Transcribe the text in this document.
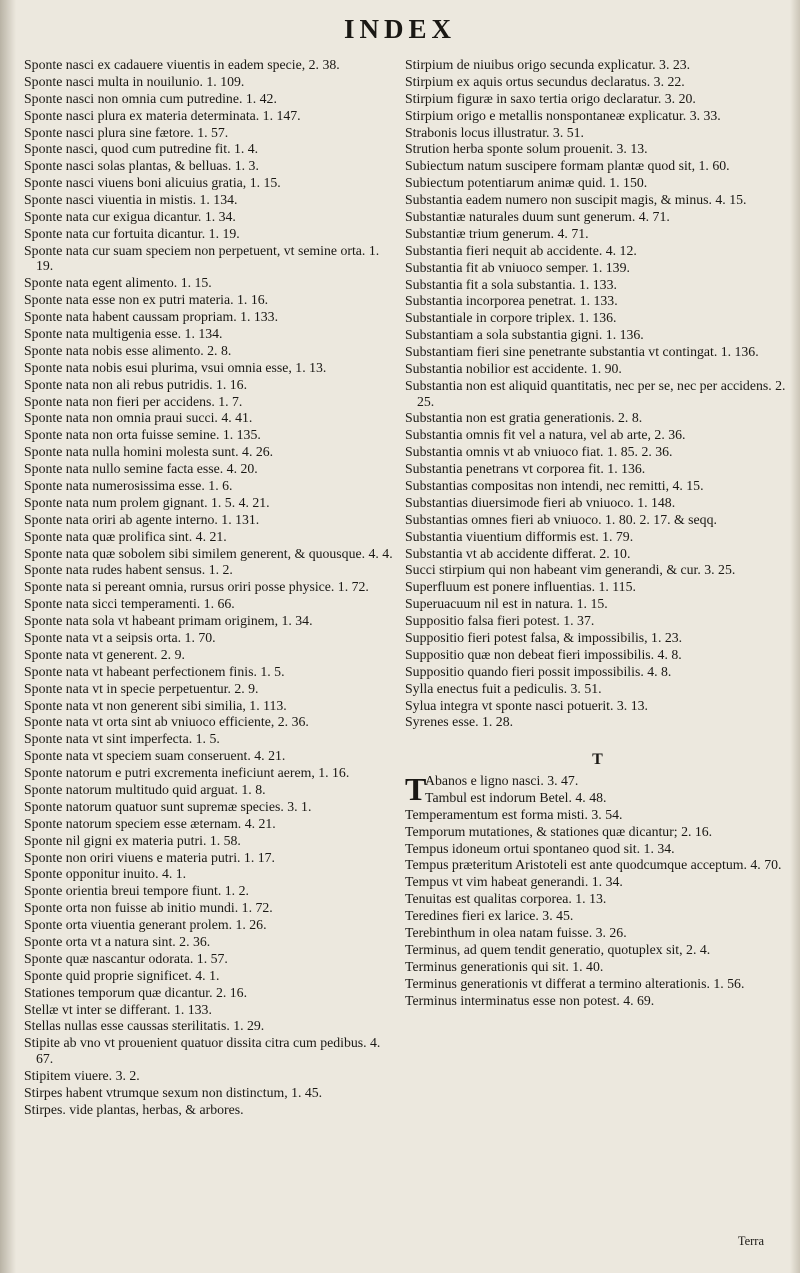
INDEX
Sponte nasci ex cadauere viuentis in eadem specie, 2. 38.
Sponte nasci multa in nouilunio. 1. 109.
Sponte nasci non omnia cum putredine. 1. 42.
Sponte nasci plura ex materia determinata. 1. 147.
Sponte nasci plura sine fætore. 1. 57.
Sponte nasci, quod cum putredine fit. 1. 4.
Sponte nasci solas plantas, & belluas. 1. 3.
Sponte nasci viuens boni alicuius gratia, 1. 15.
Sponte nasci viuentia in mistis. 1. 134.
Sponte nata cur exigua dicantur. 1. 34.
Sponte nata cur fortuita dicantur. 1. 19.
Sponte nata cur suam speciem non perpetuent, vt semine orta. 1. 19.
Sponte nata egent alimento. 1. 15.
Sponte nata esse non ex putri materia. 1. 16.
Sponte nata habent caussam propriam. 1. 133.
Sponte nata multigenia esse. 1. 134.
Sponte nata nobis esse alimento. 2. 8.
Sponte nata nobis esui plurima, vsui omnia esse, 1. 13.
Sponte nata non ali rebus putridis. 1. 16.
Sponte nata non fieri per accidens. 1. 7.
Sponte nata non omnia praui succi. 4. 41.
Sponte nata non orta fuisse semine. 1. 135.
Sponte nata nulla homini molesta sunt. 4. 26.
Sponte nata nullo semine facta esse. 4. 20.
Sponte nata numerosissima esse. 1. 6.
Sponte nata num prolem gignant. 1. 5. 4. 21.
Sponte nata oriri ab agente interno. 1. 131.
Sponte nata quæ prolifica sint. 4. 21.
Sponte nata quæ sobolem sibi similem generent, & quousque. 4. 4.
Sponte nata rudes habent sensus. 1. 2.
Sponte nata si pereant omnia, rursus oriri posse physice. 1. 72.
Sponte nata sicci temperamenti. 1. 66.
Sponte nata sola vt habeant primam originem, 1. 34.
Sponte nata vt a seipsis orta. 1. 70.
Sponte nata vt generent. 2. 9.
Sponte nata vt habeant perfectionem finis. 1. 5.
Sponte nata vt in specie perpetuentur. 2. 9.
Sponte nata vt non generent sibi similia, 1. 113.
Sponte nata vt orta sint ab vniuoco efficiente, 2. 36.
Sponte nata vt sint imperfecta. 1. 5.
Sponte nata vt speciem suam conseruent. 4. 21.
Sponte natorum e putri excrementa ineficiunt aerem, 1. 16.
Sponte natorum multitudo quid arguat. 1. 8.
Sponte natorum quatuor sunt supremæ species. 3. 1.
Sponte natorum speciem esse æternam. 4. 21.
Sponte nil gigni ex materia putri. 1. 58.
Sponte non oriri viuens e materia putri. 1. 17.
Sponte opponitur inuito. 4. 1.
Sponte orientia breui tempore fiunt. 1. 2.
Sponte orta non fuisse ab initio mundi. 1. 72.
Sponte orta viuentia generant prolem. 1. 26.
Sponte orta vt a natura sint. 2. 36.
Sponte quæ nascantur odorata. 1. 57.
Sponte quid proprie significet. 4. 1.
Stationes temporum quæ dicantur. 2. 16.
Stellæ vt inter se differant. 1. 133.
Stellas nullas esse caussas sterilitatis. 1. 29.
Stipite ab vno vt prouenient quatuor dissita citra cum pedibus. 4. 67.
Stipitem viuere. 3. 2.
Stirpes habent vtrumque sexum non distinctum, 1. 45.
Stirpes. vide plantas, herbas, & arbores.
Stirpium de niuibus origo secunda explicatur. 3. 23.
Stirpium ex aquis ortus secundus declaratus. 3. 22.
Stirpium figuræ in saxo tertia origo declaratur. 3. 20.
Stirpium origo e metallis nonspontaneæ explicatur. 3. 33.
Strabonis locus illustratur. 3. 51.
Strution herba sponte solum prouenit. 3. 13.
Subiectum natum suscipere formam plantæ quod sit, 1. 60.
Subiectum potentiarum animæ quid. 1. 150.
Substantia eadem numero non suscipit magis, & minus. 4. 15.
Substantiæ naturales duum sunt generum. 4. 71.
Substantiæ trium generum. 4. 71.
Substantia fieri nequit ab accidente. 4. 12.
Substantia fit ab vniuoco semper. 1. 139.
Substantia fit a sola substantia. 1. 133.
Substantia incorporea penetrat. 1. 133.
Substantiale in corpore triplex. 1. 136.
Substantiam a sola substantia gigni. 1. 136.
Substantiam fieri sine penetrante substantia vt contingat. 1. 136.
Substantia nobilior est accidente. 1. 90.
Substantia non est aliquid quantitatis, nec per se, nec per accidens. 2. 25.
Substantia non est gratia generationis. 2. 8.
Substantia omnis fit vel a natura, vel ab arte, 2. 36.
Substantia omnis vt ab vniuoco fiat. 1. 85. 2. 36.
Substantia penetrans vt corporea fit. 1. 136.
Substantias compositas non intendi, nec remitti, 4. 15.
Substantias diuersimode fieri ab vniuoco. 1. 148.
Substantias omnes fieri ab vniuoco. 1. 80. 2. 17. & seqq.
Substantia viuentium difformis est. 1. 79.
Substantia vt ab accidente differat. 2. 10.
Succi stirpium qui non habeant vim generandi, & cur. 3. 25.
Superfluum est ponere influentias. 1. 115.
Superuacuum nil est in natura. 1. 15.
Suppositio falsa fieri potest. 1. 37.
Suppositio fieri potest falsa, & impossibilis, 1. 23.
Suppositio quæ non debeat fieri impossibilis. 4. 8.
Suppositio quando fieri possit impossibilis. 4. 8.
Sylla enectus fuit a pediculis. 3. 51.
Sylua integra vt sponte nasci potuerit. 3. 13.
Syrenes esse. 1. 28.
T
T
Abanos e ligno nasci. 3. 47.
Tambul est indorum Betel. 4. 48.
Temperamentum est forma misti. 3. 54.
Temporum mutationes, & stationes quæ dicantur; 2. 16.
Tempus idoneum ortui spontaneo quod sit. 1. 34.
Tempus præteritum Aristoteli est ante quodcumque acceptum. 4. 70.
Tempus vt vim habeat generandi. 1. 34.
Tenuitas est qualitas corporea. 1. 13.
Teredines fieri ex larice. 3. 45.
Terebinthum in olea natam fuisse. 3. 26.
Terminus, ad quem tendit generatio, quotuplex sit, 2. 4.
Terminus generationis qui sit. 1. 40.
Terminus generationis vt differat a termino alterationis. 1. 56.
Terminus interminatus esse non potest. 4. 69.
Terra
